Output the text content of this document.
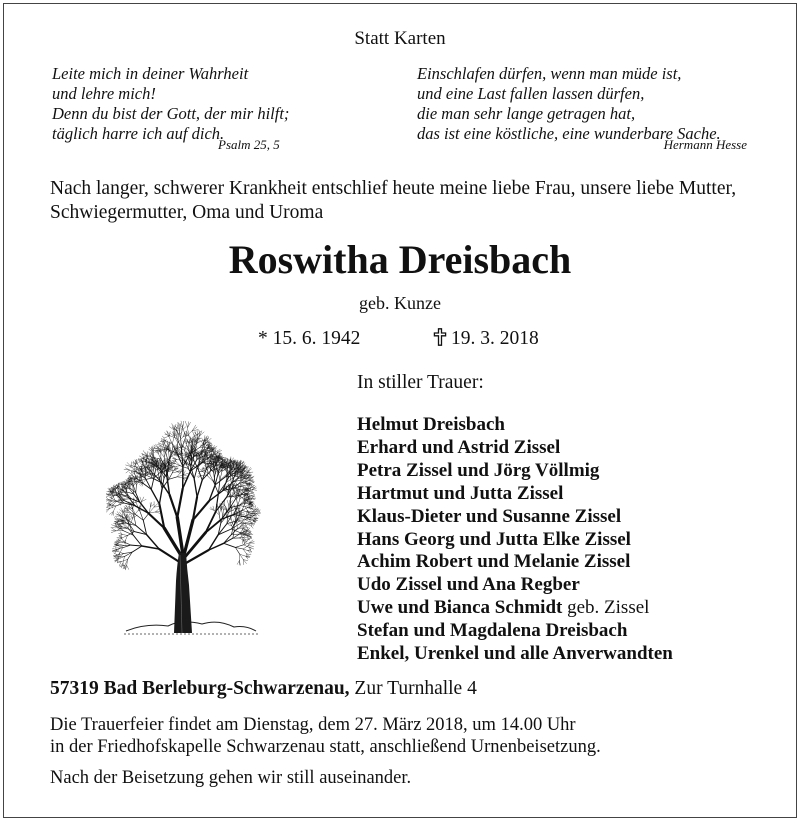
Statt Karten
Leite mich in deiner Wahrheit
und lehre mich!
Denn du bist der Gott, der mir hilft;
täglich harre ich auf dich.
Psalm 25, 5
Einschlafen dürfen, wenn man müde ist,
und eine Last fallen lassen dürfen,
die man sehr lange getragen hat,
das ist eine köstliche, eine wunderbare Sache.
Hermann Hesse
Nach langer, schwerer Krankheit entschlief heute meine liebe Frau, unsere liebe Mutter,
Schwiegermutter, Oma und Uroma
Roswitha Dreisbach
geb. Kunze
* 15. 6. 1942	19. 3. 2018
In stiller Trauer:
Helmut Dreisbach
Erhard und Astrid Zissel
Petra Zissel und Jörg Völlmig
Hartmut und Jutta Zissel
Klaus-Dieter und Susanne Zissel
Hans Georg und Jutta Elke Zissel
Achim Robert und Melanie Zissel
Udo Zissel und Ana Regber
Uwe und Bianca Schmidt geb. Zissel
Stefan und Magdalena Dreisbach
Enkel, Urenkel und alle Anverwandten
57319 Bad Berleburg-Schwarzenau, Zur Turnhalle 4
Die Trauerfeier findet am Dienstag, dem 27. März 2018, um 14.00 Uhr
in der Friedhofskapelle Schwarzenau statt, anschließend Urnenbeisetzung.
Nach der Beisetzung gehen wir still auseinander.
